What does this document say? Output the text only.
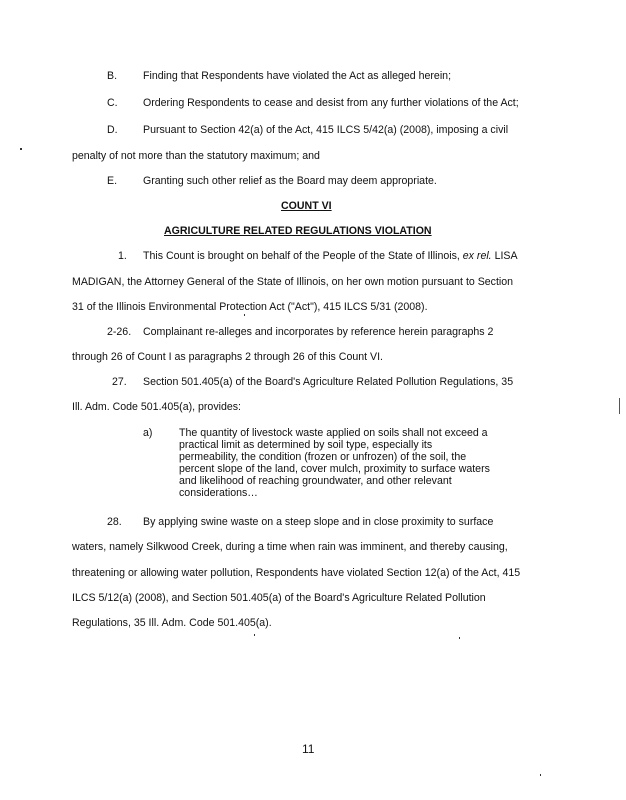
B. Finding that Respondents have violated the Act as alleged herein;
C. Ordering Respondents to cease and desist from any further violations of the Act;
D. Pursuant to Section 42(a) of the Act, 415 ILCS 5/42(a) (2008), imposing a civil
penalty of not more than the statutory maximum; and
E. Granting such other relief as the Board may deem appropriate.
COUNT VI
AGRICULTURE RELATED REGULATIONS VIOLATION
1. This Count is brought on behalf of the People of the State of Illinois, ex rel. LISA
MADIGAN, the Attorney General of the State of Illinois, on her own motion pursuant to Section
31 of the Illinois Environmental Protection Act ("Act"), 415 ILCS 5/31 (2008).
2-26. Complainant re-alleges and incorporates by reference herein paragraphs 2
through 26 of Count I as paragraphs 2 through 26 of this Count VI.
27. Section 501.405(a) of the Board's Agriculture Related Pollution Regulations, 35
Ill. Adm. Code 501.405(a), provides:
a)	The quantity of livestock waste applied on soils shall not exceed a
practical limit as determined by soil type, especially its
permeability, the condition (frozen or unfrozen) of the soil, the
percent slope of the land, cover mulch, proximity to surface waters
and likelihood of reaching groundwater, and other relevant
considerations…
28. By applying swine waste on a steep slope and in close proximity to surface
waters, namely Silkwood Creek, during a time when rain was imminent, and thereby causing,
threatening or allowing water pollution, Respondents have violated Section 12(a) of the Act, 415
ILCS 5/12(a) (2008), and Section 501.405(a) of the Board's Agriculture Related Pollution
Regulations, 35 Ill. Adm. Code 501.405(a).
11
